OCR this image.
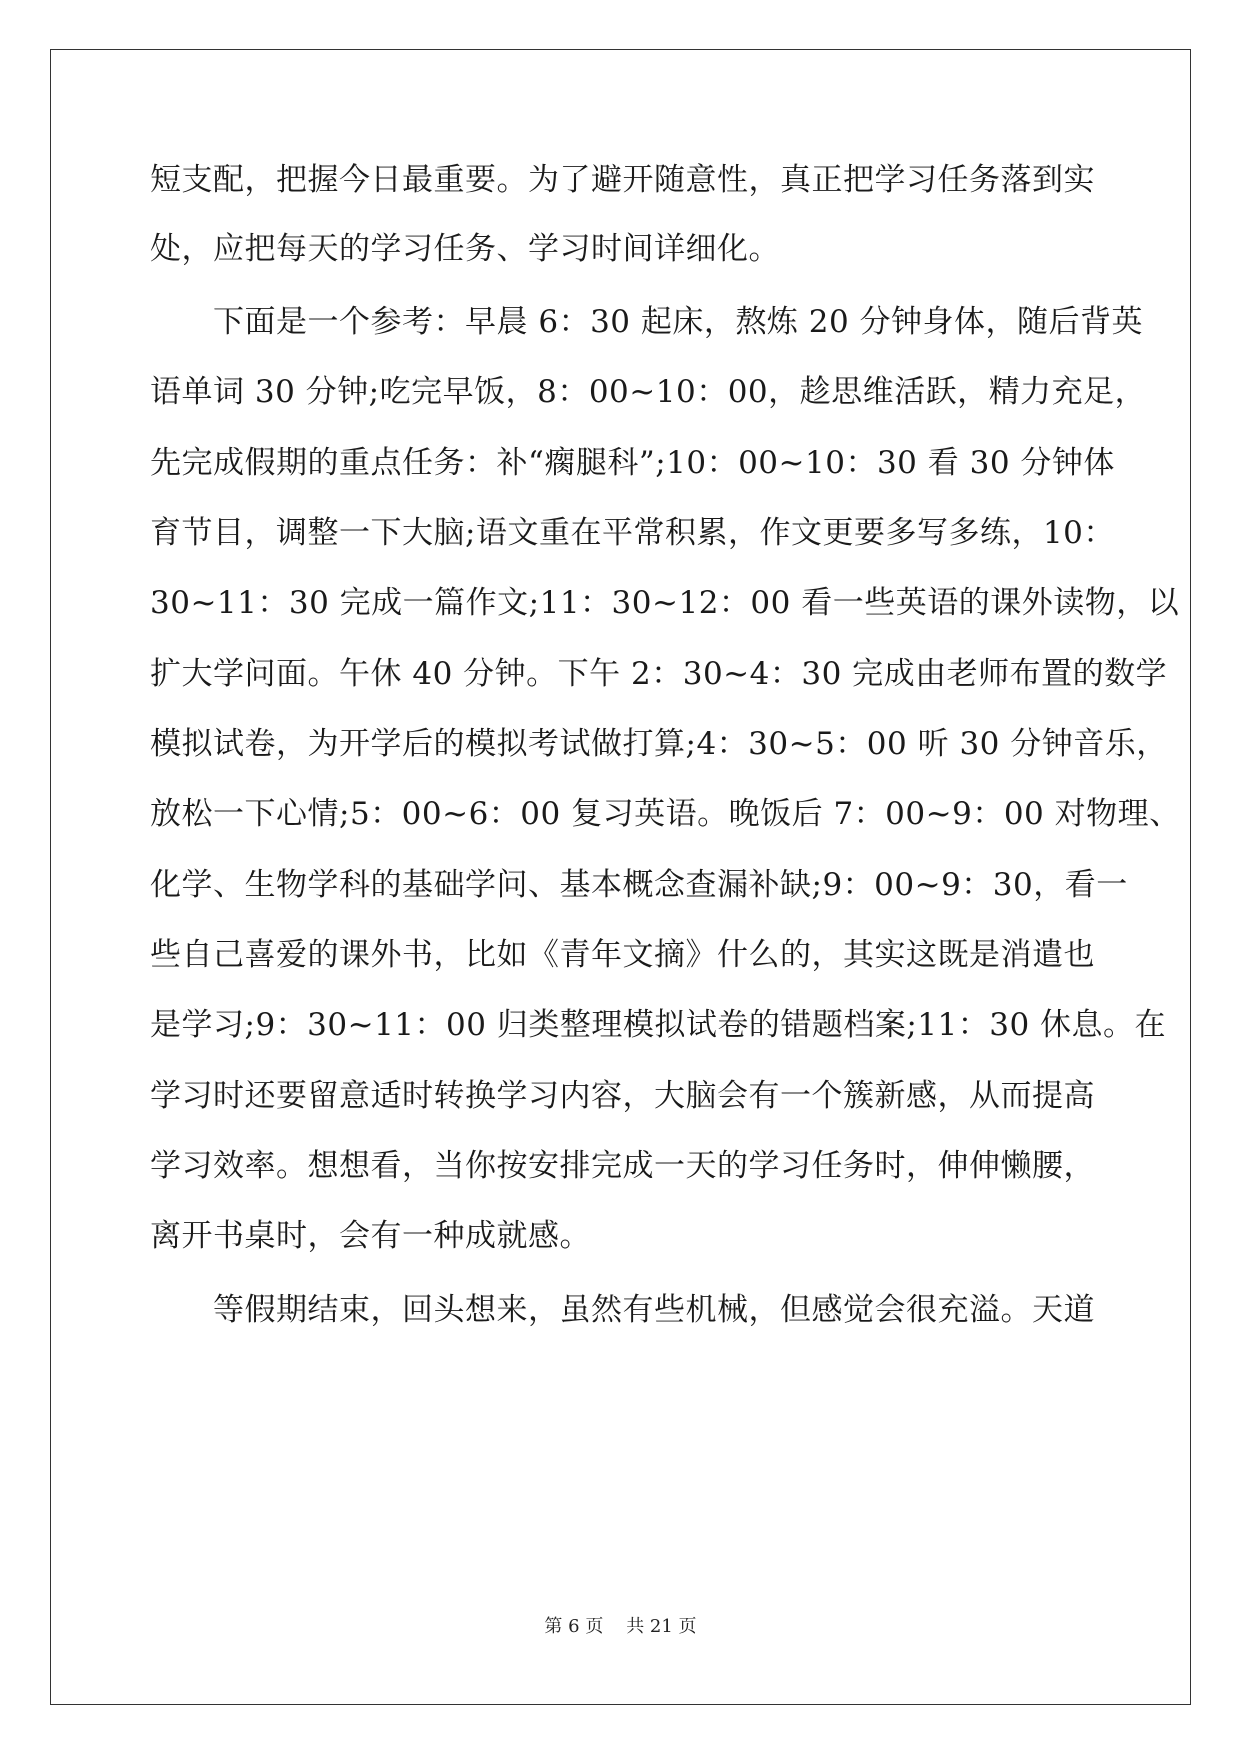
短支配，把握今日最重要。为了避开随意性，真正把学习任务落到实
处，应把每天的学习任务、学习时间详细化。
下面是一个参考：早晨 6：30 起床，熬炼 20 分钟身体，随后背英
语单词 30 分钟;吃完早饭，8：00~10：00，趁思维活跃，精力充足，
先完成假期的重点任务：补“瘸腿科”;10：00~10：30 看 30 分钟体
育节目，调整一下大脑;语文重在平常积累，作文更要多写多练，10：
30~11：30 完成一篇作文;11：30~12：00 看一些英语的课外读物，以
扩大学问面。午休 40 分钟。下午 2：30~4：30 完成由老师布置的数学
模拟试卷，为开学后的模拟考试做打算;4：30~5：00 听 30 分钟音乐，
放松一下心情;5：00~6：00 复习英语。晚饭后 7：00~9：00 对物理、
化学、生物学科的基础学问、基本概念查漏补缺;9：00~9：30，看一
些自己喜爱的课外书，比如《青年文摘》什么的，其实这既是消遣也
是学习;9：30~11：00 归类整理模拟试卷的错题档案;11：30 休息。在
学习时还要留意适时转换学习内容，大脑会有一个簇新感，从而提高
学习效率。想想看，当你按安排完成一天的学习任务时，伸伸懒腰，
离开书桌时，会有一种成就感。
等假期结束，回头想来，虽然有些机械，但感觉会很充溢。天道
第 6 页    共 21 页
